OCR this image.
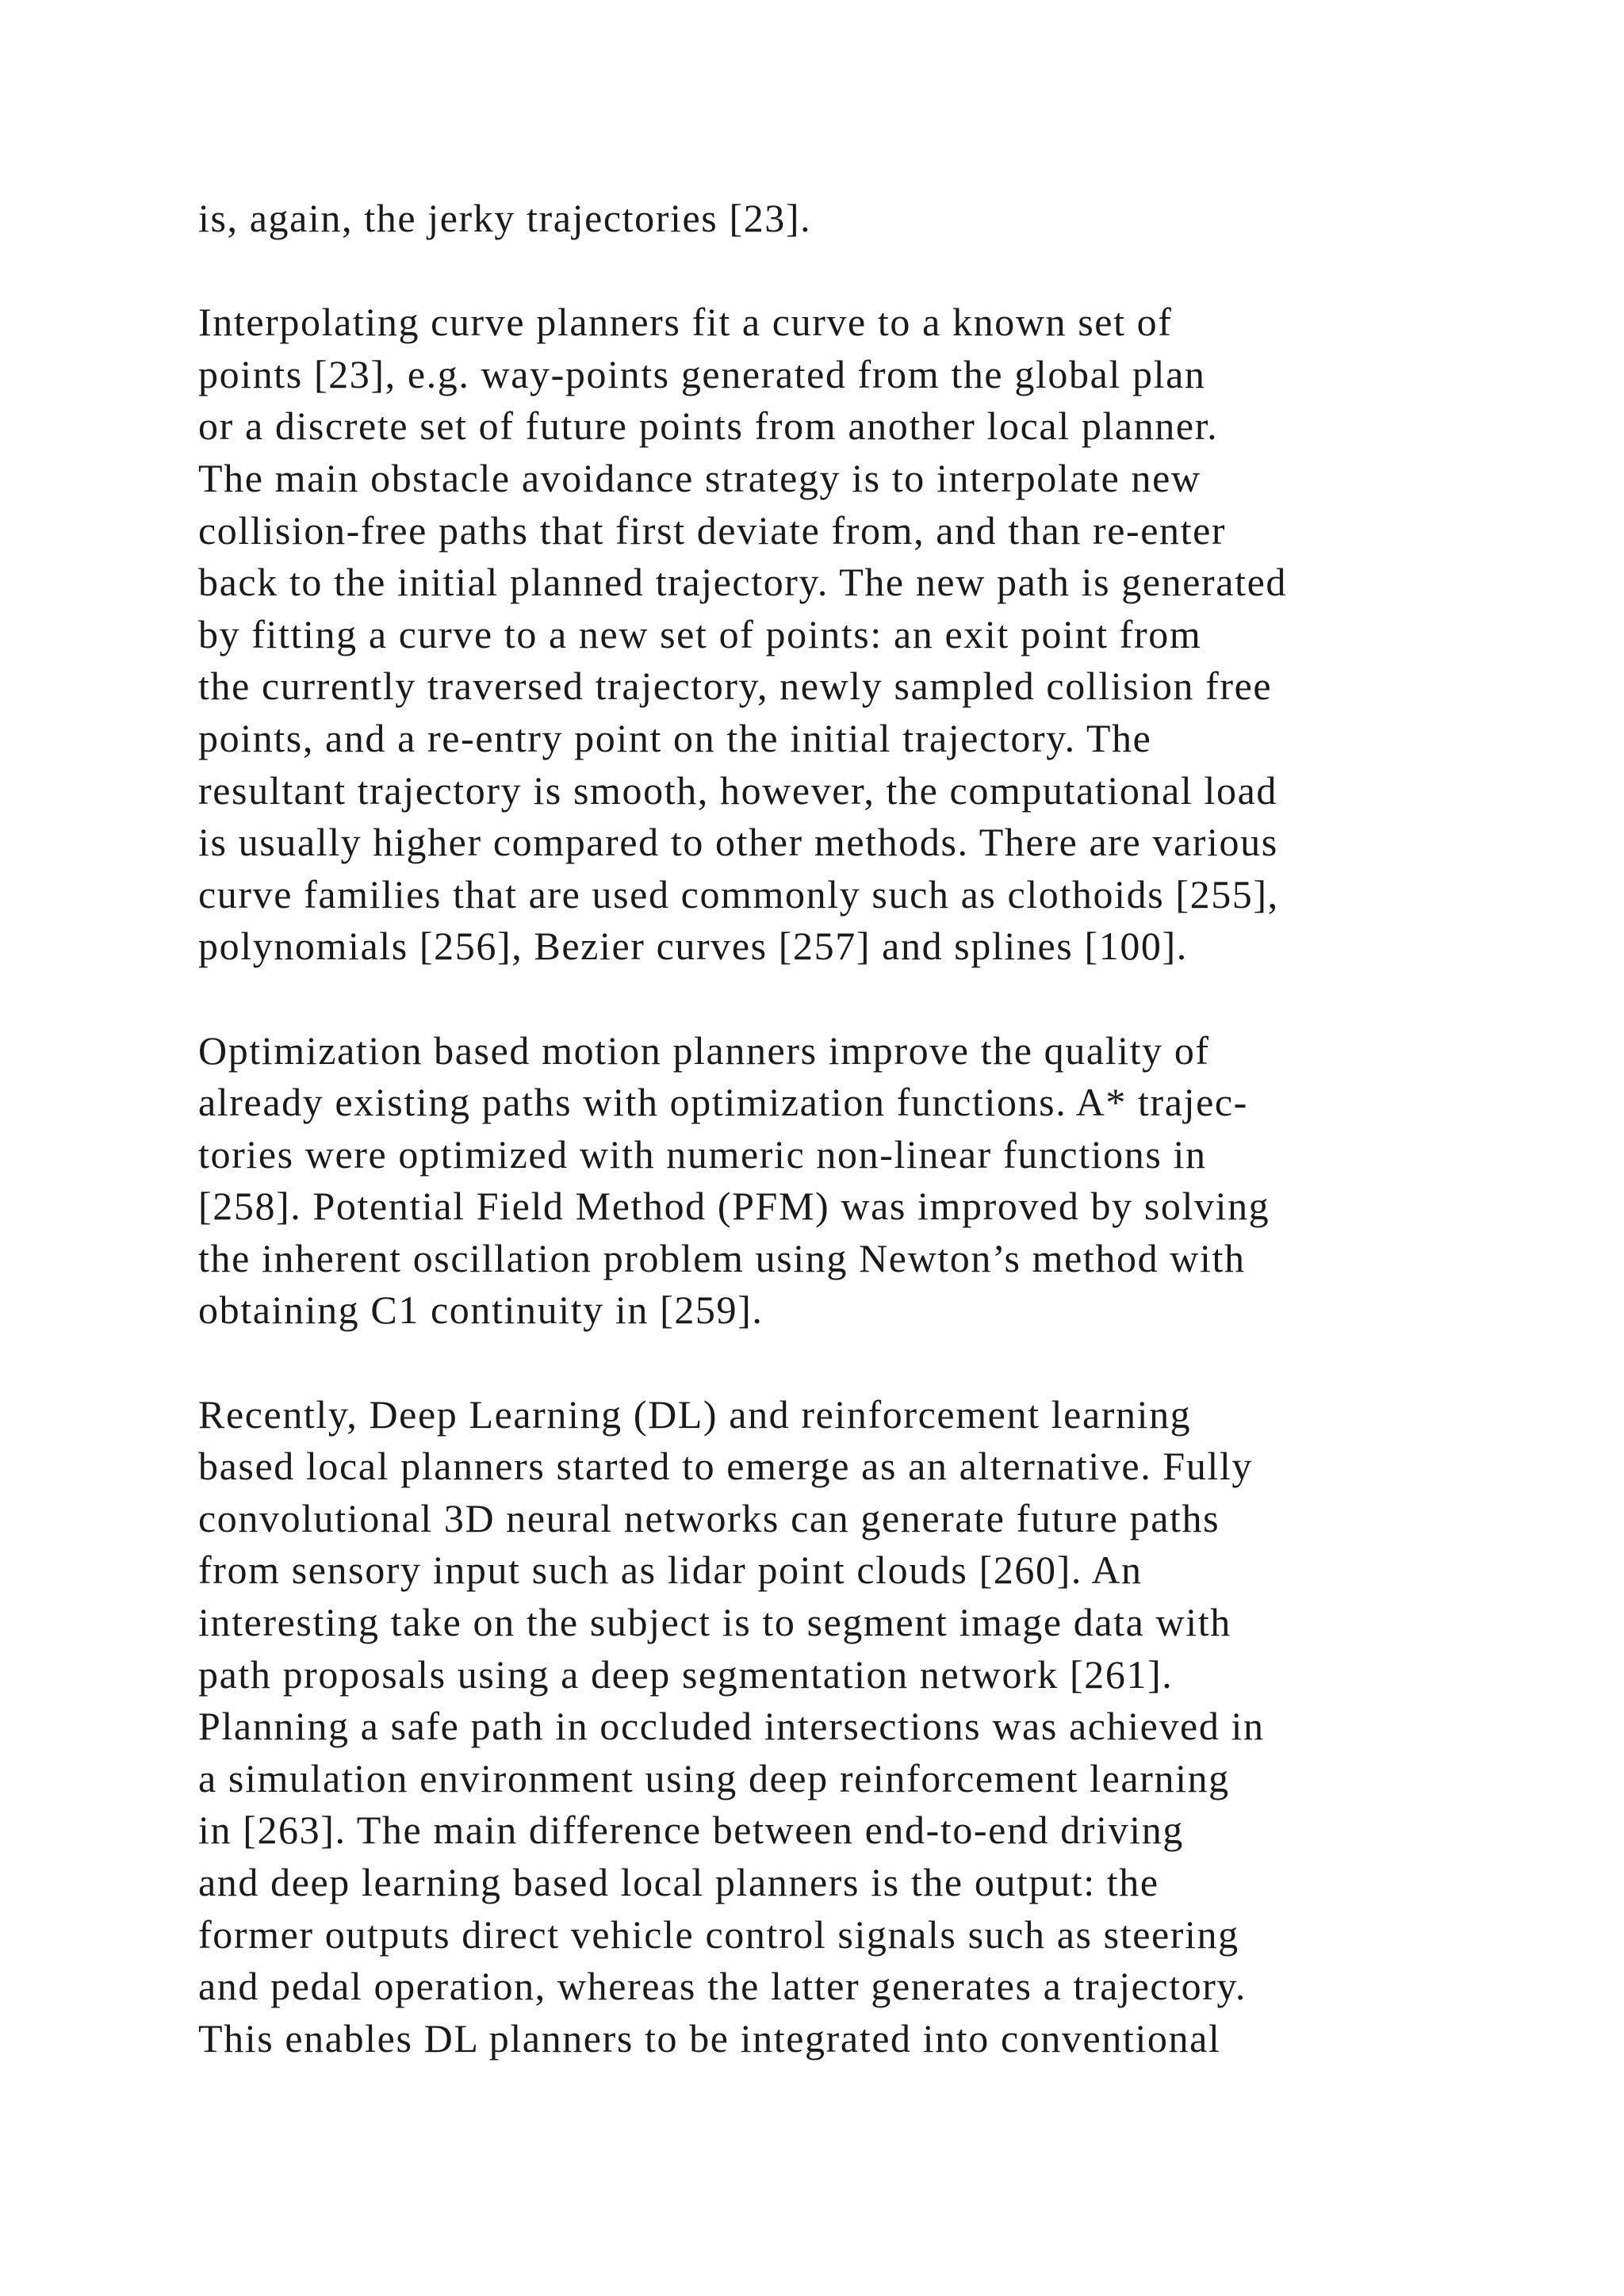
is, again, the jerky trajectories [23].

Interpolating curve planners fit a curve to a known set of
points [23], e.g. way-points generated from the global plan
or a discrete set of future points from another local planner.
The main obstacle avoidance strategy is to interpolate new
collision-free paths that first deviate from, and than re-enter
back to the initial planned trajectory. The new path is generated
by fitting a curve to a new set of points: an exit point from
the currently traversed trajectory, newly sampled collision free
points, and a re-entry point on the initial trajectory. The
resultant trajectory is smooth, however, the computational load
is usually higher compared to other methods. There are various
curve families that are used commonly such as clothoids [255],
polynomials [256], Bezier curves [257] and splines [100].

Optimization based motion planners improve the quality of
already existing paths with optimization functions. A* trajec-
tories were optimized with numeric non-linear functions in
[258]. Potential Field Method (PFM) was improved by solving
the inherent oscillation problem using Newton’s method with
obtaining C1 continuity in [259].

Recently, Deep Learning (DL) and reinforcement learning
based local planners started to emerge as an alternative. Fully
convolutional 3D neural networks can generate future paths
from sensory input such as lidar point clouds [260]. An
interesting take on the subject is to segment image data with
path proposals using a deep segmentation network [261].
Planning a safe path in occluded intersections was achieved in
a simulation environment using deep reinforcement learning
in [263]. The main difference between end-to-end driving
and deep learning based local planners is the output: the
former outputs direct vehicle control signals such as steering
and pedal operation, whereas the latter generates a trajectory.
This enables DL planners to be integrated into conventional
